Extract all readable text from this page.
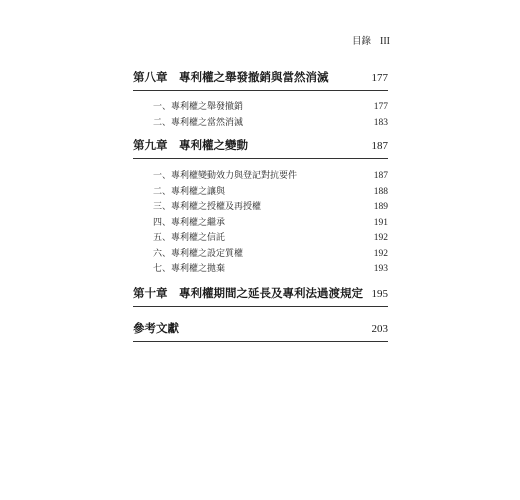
目錄 III
第八章　專利權之舉發撤銷與當然消滅	177
一、專利權之舉發撤銷	177
二、專利權之當然消滅	183
第九章　專利權之變動	187
一、專利權變動效力與登記對抗要件	187
二、專利權之讓與	188
三、專利權之授權及再授權	189
四、專利權之繼承	191
五、專利權之信託	192
六、專利權之設定質權	192
七、專利權之拋棄	193
第十章　專利權期間之延長及專利法過渡規定 195
參考文獻	203
